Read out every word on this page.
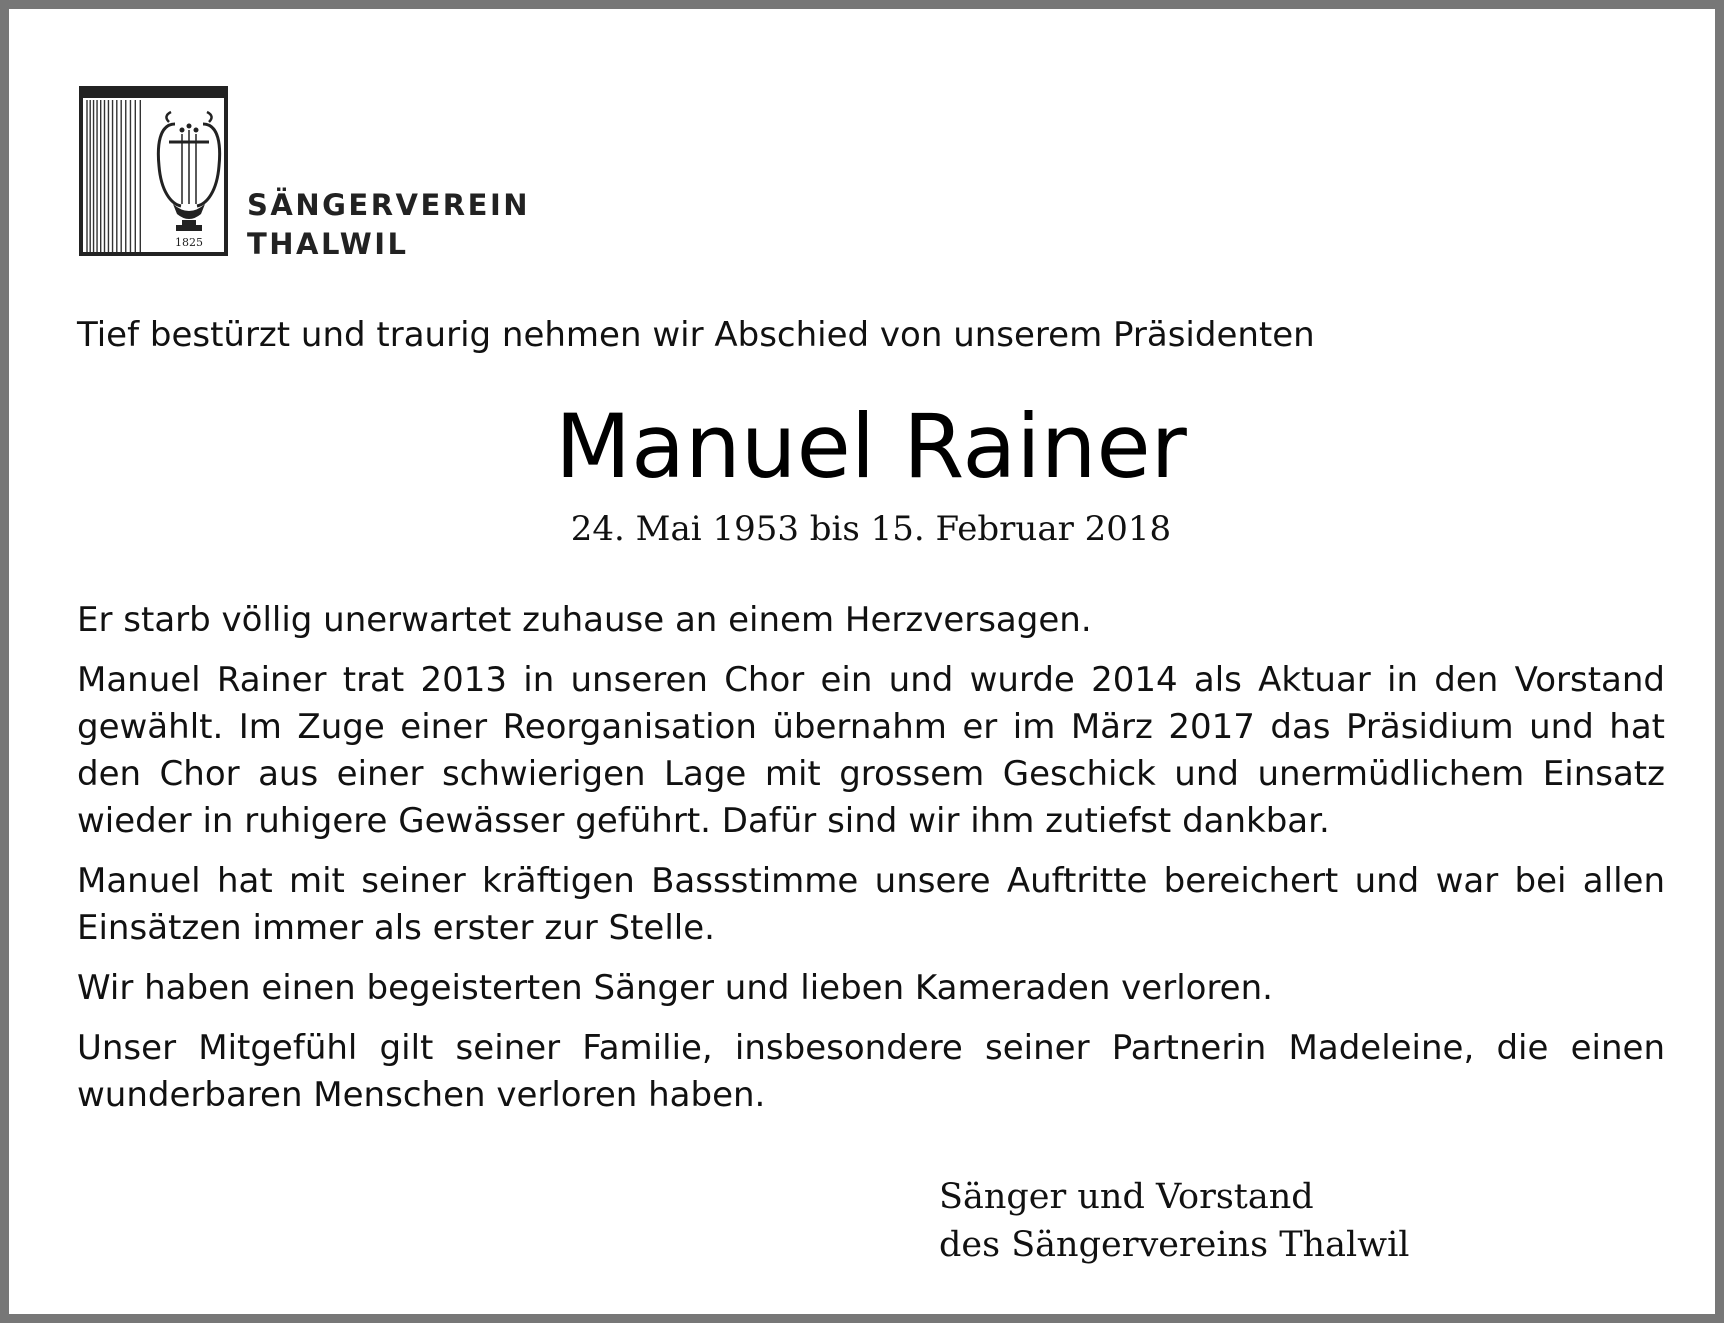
1825
SÄNGERVEREIN
THALWIL

Tief bestürzt und traurig nehmen wir Abschied von unserem Präsidenten

Manuel Rainer

24. Mai 1953 bis 15. Februar 2018

Er starb völlig unerwartet zuhause an einem Herzversagen.

Manuel Rainer trat 2013 in unseren Chor ein und wurde 2014 als Aktuar in den Vorstand gewählt. Im Zuge einer Reorganisation übernahm er im März 2017 das Präsidium und hat den Chor aus einer schwierigen Lage mit grossem Geschick und unermüdlichem Einsatz wieder in ruhigere Gewässer geführt. Dafür sind wir ihm zutiefst dankbar.

Manuel hat mit seiner kräftigen Bassstimme unsere Auftritte bereichert und war bei allen Einsätzen immer als erster zur Stelle.

Wir haben einen begeisterten Sänger und lieben Kameraden verloren.

Unser Mitgefühl gilt seiner Familie, insbesondere seiner Partnerin Madeleine, die einen wunderbaren Menschen verloren haben.

Sänger und Vorstand
des Sängervereins Thalwil
